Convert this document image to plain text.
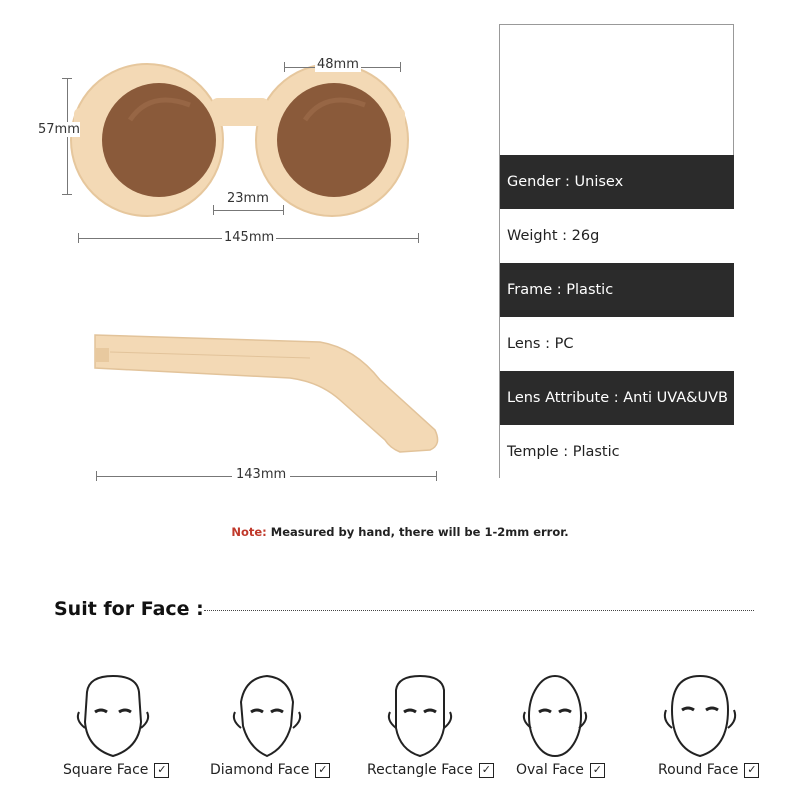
48mm
57mm
23mm
145mm
143mm
Gender : Unisex
Weight : 26g
Frame : Plastic
Lens : PC
Lens Attribute : Anti UVA&UVB
Temple : Plastic
Note: Measured by hand, there will be 1-2mm error.
Suit for Face :
Square Face ✓	Diamond Face ✓	Rectangle Face ✓ Oval Face ✓	Round Face ✓
